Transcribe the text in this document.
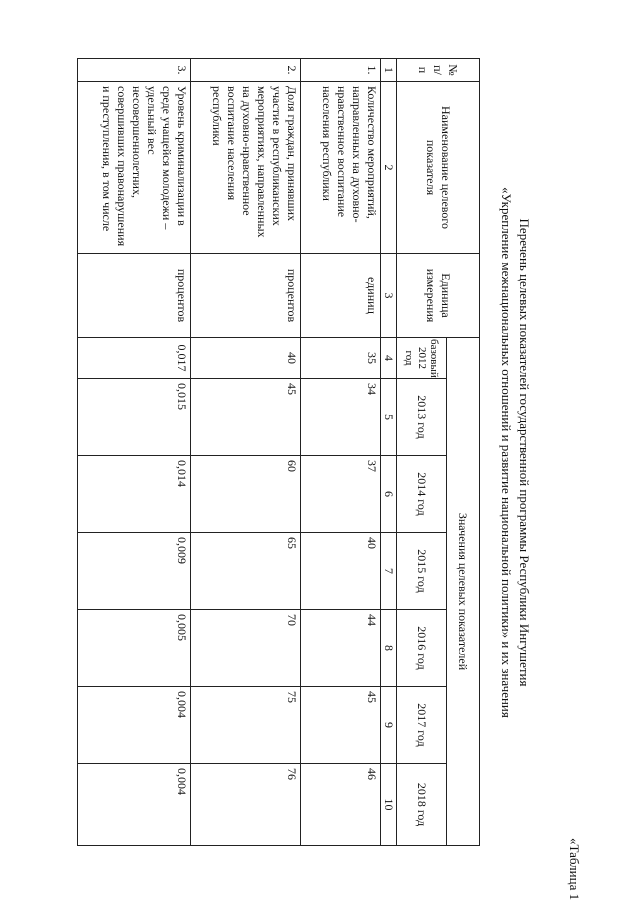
«Таблица 1
Перечень целевых показателей государственной программы Республики Ингушетия
«Укрепление межнациональных отношений и развитие национальной политики» и их значения
№ п/п	Наименование целевого показателя	Единица измерения	Значения целевых показателей						
			базовый 2012 год	2013 год	2014 год	2015 год	2016 год	2017 год	2018 год
1	2	3	4	5	6	7	8	9	10
1.	Количество мероприятий, направленных на духовно-нравственное воспитание населения республики	единиц	35	34	37	40	44	45	46
2.	Доля граждан, принявших участие в республиканских мероприятиях, направленных на духовно-нравственное воспитание населения республики	процентов	40	45	60	65	70	75	76
3.	Уровень криминализации в среде учащейся молодежи – удельный вес несовершеннолетних, совершивших правонарушения и преступления, в том числе	процентов	0,017	0,015	0,014	0,009	0,005	0,004	0,004
